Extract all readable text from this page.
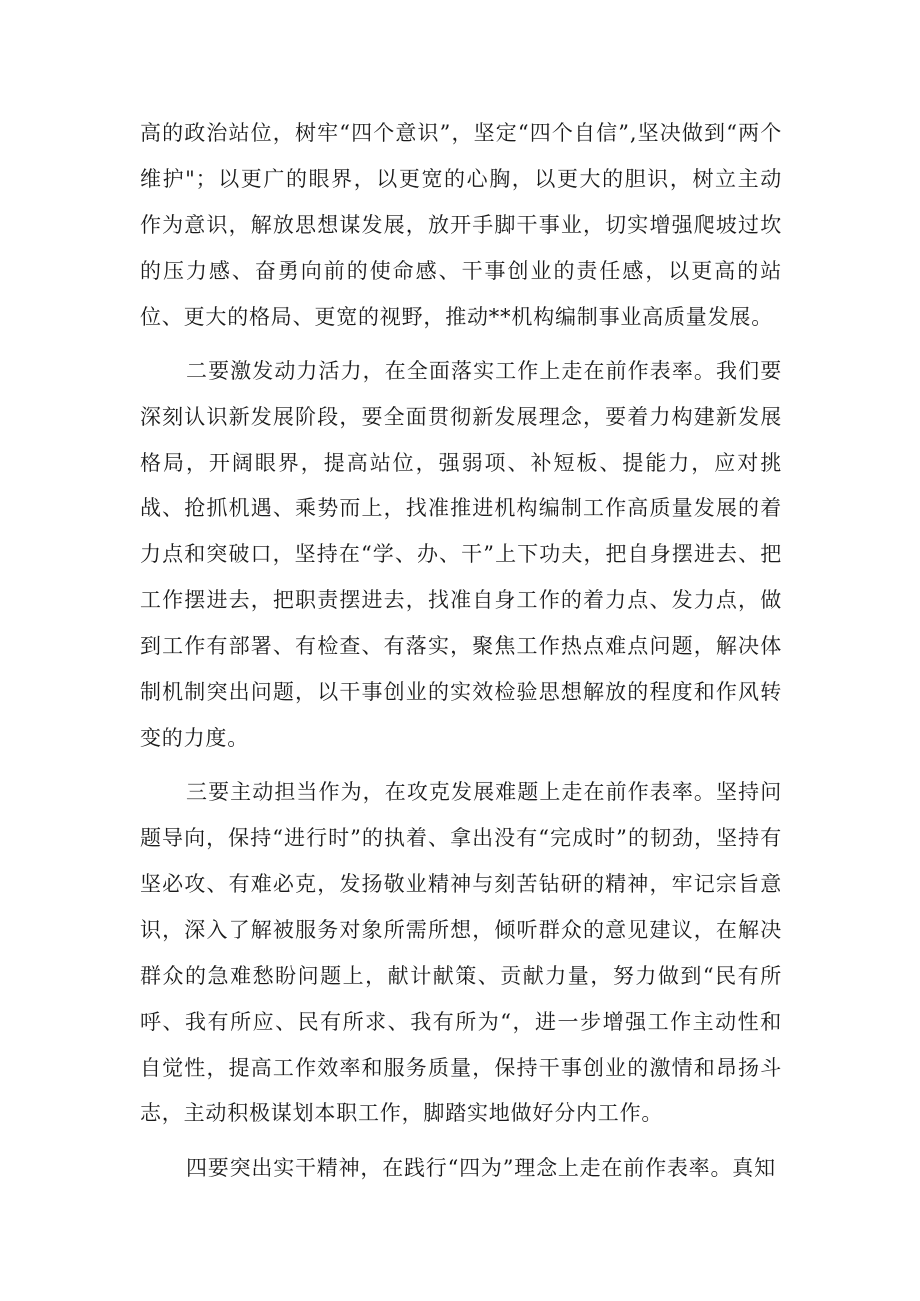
高的政治站位，树牢“四个意识”，坚定“四个自信”,坚决做到“两个维护"；以更广的眼界，以更宽的心胸，以更大的胆识，树立主动作为意识，解放思想谋发展，放开手脚干事业，切实增强爬坡过坎的压力感、奋勇向前的使命感、干事创业的责任感，以更高的站位、更大的格局、更宽的视野，推动**机构编制事业高质量发展。

二要激发动力活力，在全面落实工作上走在前作表率。我们要深刻认识新发展阶段，要全面贯彻新发展理念，要着力构建新发展格局，开阔眼界，提高站位，强弱项、补短板、提能力，应对挑战、抢抓机遇、乘势而上，找准推进机构编制工作高质量发展的着力点和突破口，坚持在“学、办、干”上下功夫，把自身摆进去、把工作摆进去，把职责摆进去，找准自身工作的着力点、发力点，做到工作有部署、有检查、有落实，聚焦工作热点难点问题，解决体制机制突出问题，以干事创业的实效检验思想解放的程度和作风转变的力度。

三要主动担当作为，在攻克发展难题上走在前作表率。坚持问题导向，保持“进行时”的执着、拿出没有“完成时”的韧劲，坚持有坚必攻、有难必克，发扬敬业精神与刻苦钻研的精神，牢记宗旨意识，深入了解被服务对象所需所想，倾听群众的意见建议，在解决群众的急难愁盼问题上，献计献策、贡献力量，努力做到“民有所呼、我有所应、民有所求、我有所为“，进一步增强工作主动性和自觉性，提高工作效率和服务质量，保持干事创业的激情和昂扬斗志，主动积极谋划本职工作，脚踏实地做好分内工作。

四要突出实干精神，在践行“四为”理念上走在前作表率。真知
